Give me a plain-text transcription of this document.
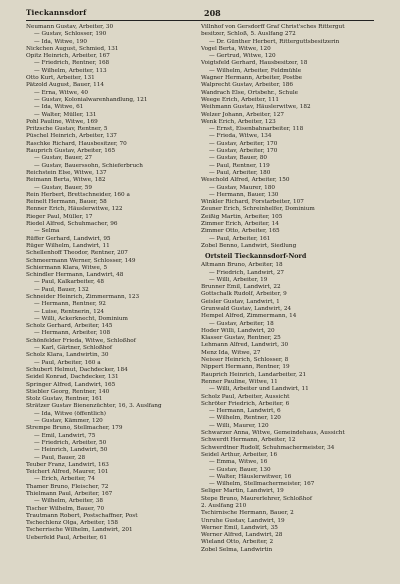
Tieckannsdorf	208
Neumann Gustav, Arbeiter, 30
— Gustav, Schlosser, 190
— Ida, Witwe, 190
Nickchen August, Schmied, 131
Opitz Heinrich, Arbeiter, 167
— Friedrich, Rentner, 168
— Wilhelm, Arbeiter, 113
Otto Kurt, Arbeiter, 131
Pätzold August, Bauer, 114
— Erna, Witwe, 40
— Gustav, Kolonialwarenhandlung, 121
— Ida, Witwe, 61
— Walter, Müller, 131
Pohl Pauline, Witwe, 169
Pritzsche Gustav, Rentner, 5
Püschel Heinrich, Arbeiter, 137
Raschke Richard, Hausbesitzer, 70
Rauprich Gustav, Arbeiter, 165
— Gustav, Bauer, 27
— Gustav, Bauerssohn, Schieferbruch
Reichstein Else, Witwe, 137
Reimann Berta, Witwe, 182
— Gustav, Bauer, 59
Rein Herbert, Brettschneider, 160 a
Reinelt Hermann, Bauer, 58
Renner Erich, Häuslerwitwe, 122
Rieger Paul, Müller, 17
Riedel Alfred, Schuhmacher, 96
— Selma
Rüffer Gerhard, Landwirt, 95
Rüger Wilhelm, Landwirt, 11
Schellenhoff Theodor, Rentner, 207
Schmeermann Werner, Schlosser, 149
Schiermann Klara, Witwe, 5
Schindler Hermann, Landwirt, 48
— Paul, Kalkarbeiter, 48
— Paul, Bauer, 132
Schneider Heinrich, Zimmermann, 123
— Hermann, Rentner, 92
— Luise, Rentnerin, 124
— Willi, Ackerknecht, Dominium
Scholz Gerhard, Arbeiter, 145
— Hermann, Arbeiter, 108
Schönfelder Frieda, Witwe, Schloßhof
— Karl, Gärtner, Schloßhof
Scholz Klara, Landwirtin, 30
— Paul, Arbeiter, 160 a
Schubert Helmut, Dachdecker, 184
Seidel Konrad, Dachdecker, 131
Springer Alfred, Landwirt, 165
Stiebler Georg, Rentner, 140
Stolz Gustav, Rentner, 161
Strätzer Gustav Bienenzüchter, 16, 3. Auslfang
— Ida, Witwe (öffentlich)
— Gustav, Kämmer, 120
Strempe Bruno, Stellmacher, 179
— Emil, Landwirt, 75
— Friedrich, Arbeiter, 50
— Heinrich, Landwirt, 50
— Paul, Bauer, 28
Teuber Franz, Landwirt, 163
Teichert Alfred, Maurer, 101
— Erich, Arbeiter, 74
Thamer Bruno, Fleischer, 72
Thielmann Paul, Arbeiter, 167
— Wilhelm, Arbeiter, 38
Tischer Wilhelm, Bauer, 70
Trautmann Robert, Postschaffner, Post
Tschechlenz Olga, Arbeiter, 158
Tscherrische Wilhelm, Landwirt, 201
Ueberfeld Paul, Arbeiter, 61
Villnhof von Gersdorff Graf Christ'sches Rittergut
besitzer, Schloß, 5. Auslfang 272
— Dr. Günther Herbert, Ritterguttsbesitzerin
Vogel Berta, Witwe, 120
— Gertrud, Witwe, 120
Voigtsfeld Gerhard, Hausbesitzer, 18
— Wilhelm, Arbeiter, Feldmühle
Wagner Hermann, Arbeiter, Postbe
Walprecht Gustav, Arbeiter, 186
Wandrach Else, Ortsbehr., Schule
Weege Erich, Arbeiter, 111
Weihmann Gustav, Häuslerwitwe, 182
Welzer Johann, Arbeiter, 127
Wenk Erich, Arbeiter, 123
— Ernst, Eisenbahnarbeiter, 118
— Frieda, Witwe, 134
— Gustav, Arbeiter, 170
— Gustav, Arbeiter, 170
— Gustav, Bauer, 80
— Paul, Rentner, 119
— Paul, Arbeiter, 180
Weschold Alfred, Arbeiter, 150
— Gustav, Maurer, 180
— Hermann, Bauer, 130
Winkler Richard, Forstarbeiter, 107
Zeuner Erich, Schreinhelfer, Dominium
Zeißig Martin, Arbeiter, 105
Zimmer Erich, Arbeiter, 14
Zimmer Otto, Arbeiter, 165
— Paul, Arbeiter, 161
Zobel Benno, Landwirt, Siedlung
Ortsteil Tieckannsdorf-Nord
Altmann Bruno, Arbeiter, 18
— Friedrich, Landwirt, 27
— Willi, Arbeiter, 19
Brunner Emil, Landwirt, 22
Gottschalk Rudolf, Arbeiter, 9
Geisler Gustav, Landwirt, 1
Grunwald Gustav, Landwirt, 24
Hempel Alfred, Zimmermann, 14
— Gustav, Arbeiter, 18
Hoder Willi, Landwirt, 20
Klasser Gustav, Rentner, 25
Lehmann Alfred, Landwirt, 30
Menz Ida, Witwe, 27
Neisser Heinrich, Schlosser, 8
Nippert Hermann, Rentner, 19
Rauprich Heinrich, Landarbeiter, 21
Renner Pauline, Witwe, 11
— Willi, Arbeiter und Landwirt, 11
Scholz Paul, Arbeiter, Aussicht
Schröter Friedrich, Arbeiter, 6
— Hermann, Landwirt, 6
— Wilhelm, Rentner, 120
— Willi, Maurer, 120
Schwarzer Anna, Witwe, Gemeindehaus, Aussicht
Schwerdt Hermann, Arbeiter, 12
Schwerdtner Rudolf, Schuhmachermeister, 34
Seidel Arthur, Arbeiter, 16
— Emma, Witwe, 16
— Gustav, Bauer, 130
— Walter, Häuslerwitwer, 16
— Wilhelm, Stellmachermeister, 167
Seliger Martin, Landwirt, 19
Stepe Bruno, Maurerlehrer, Schloßhof
2. Auslfang 210
Tschirnische Hermann, Bauer, 2
Unruhe Gustav, Landwirt, 19
Werner Emil, Landwirt, 35
Werner Alfred, Landwirt, 28
Wieland Otto, Arbeiter, 2
Zobel Selma, Landwirtin
